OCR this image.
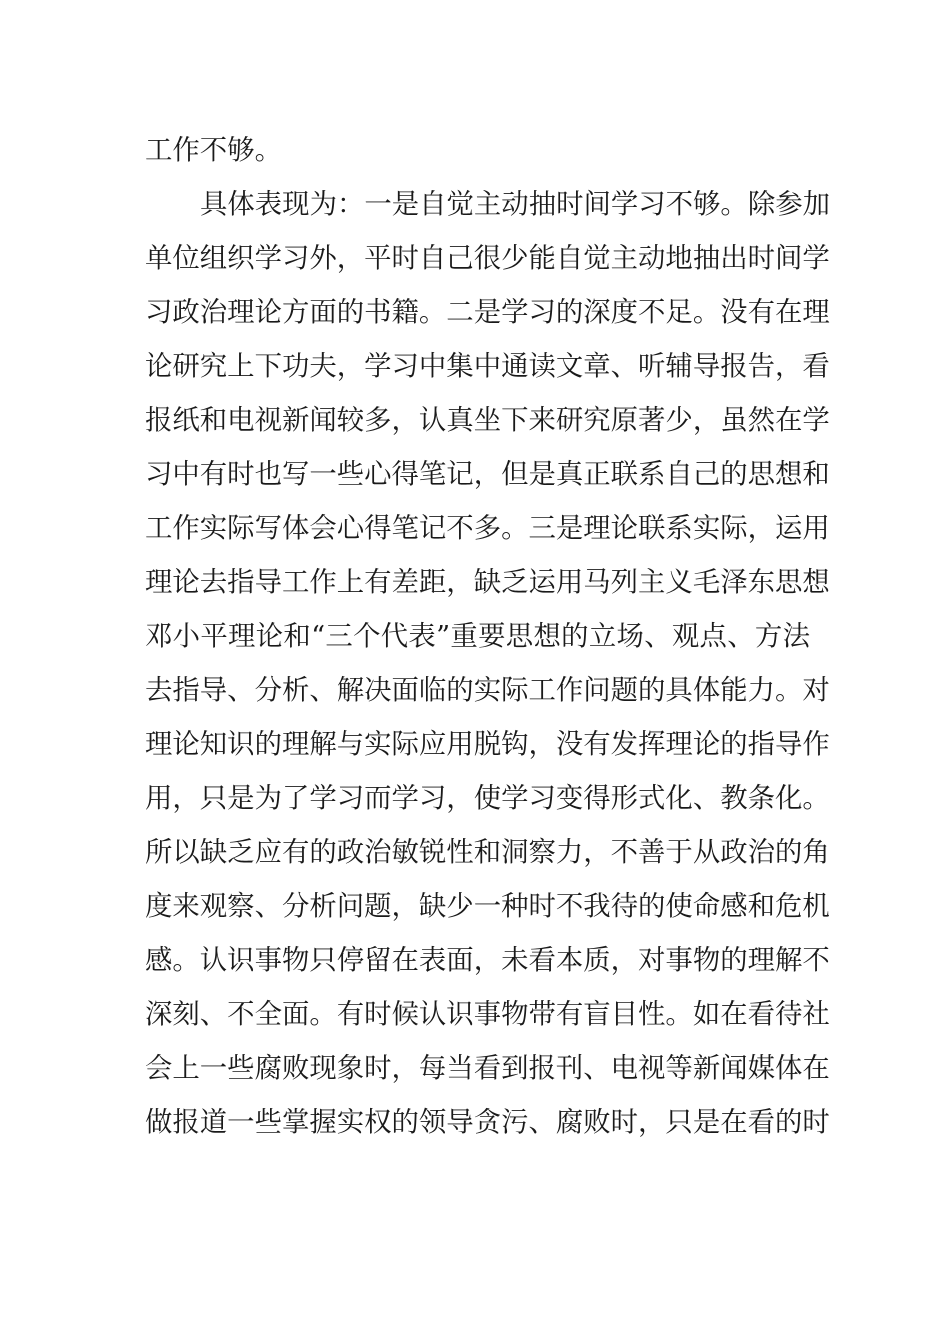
工作不够。
具体表现为：一是自觉主动抽时间学习不够。除参加
单位组织学习外，平时自己很少能自觉主动地抽出时间学
习政治理论方面的书籍。二是学习的深度不足。没有在理
论研究上下功夫，学习中集中通读文章、听辅导报告，看
报纸和电视新闻较多，认真坐下来研究原著少，虽然在学
习中有时也写一些心得笔记，但是真正联系自己的思想和
工作实际写体会心得笔记不多。三是理论联系实际，运用
理论去指导工作上有差距，缺乏运用马列主义毛泽东思想
邓小平理论和“三个代表”重要思想的立场、观点、方法
去指导、分析、解决面临的实际工作问题的具体能力。对
理论知识的理解与实际应用脱钩，没有发挥理论的指导作
用，只是为了学习而学习，使学习变得形式化、教条化。
所以缺乏应有的政治敏锐性和洞察力，不善于从政治的角
度来观察、分析问题，缺少一种时不我待的使命感和危机
感。认识事物只停留在表面，未看本质，对事物的理解不
深刻、不全面。有时候认识事物带有盲目性。如在看待社
会上一些腐败现象时，每当看到报刊、电视等新闻媒体在
做报道一些掌握实权的领导贪污、腐败时，只是在看的时
